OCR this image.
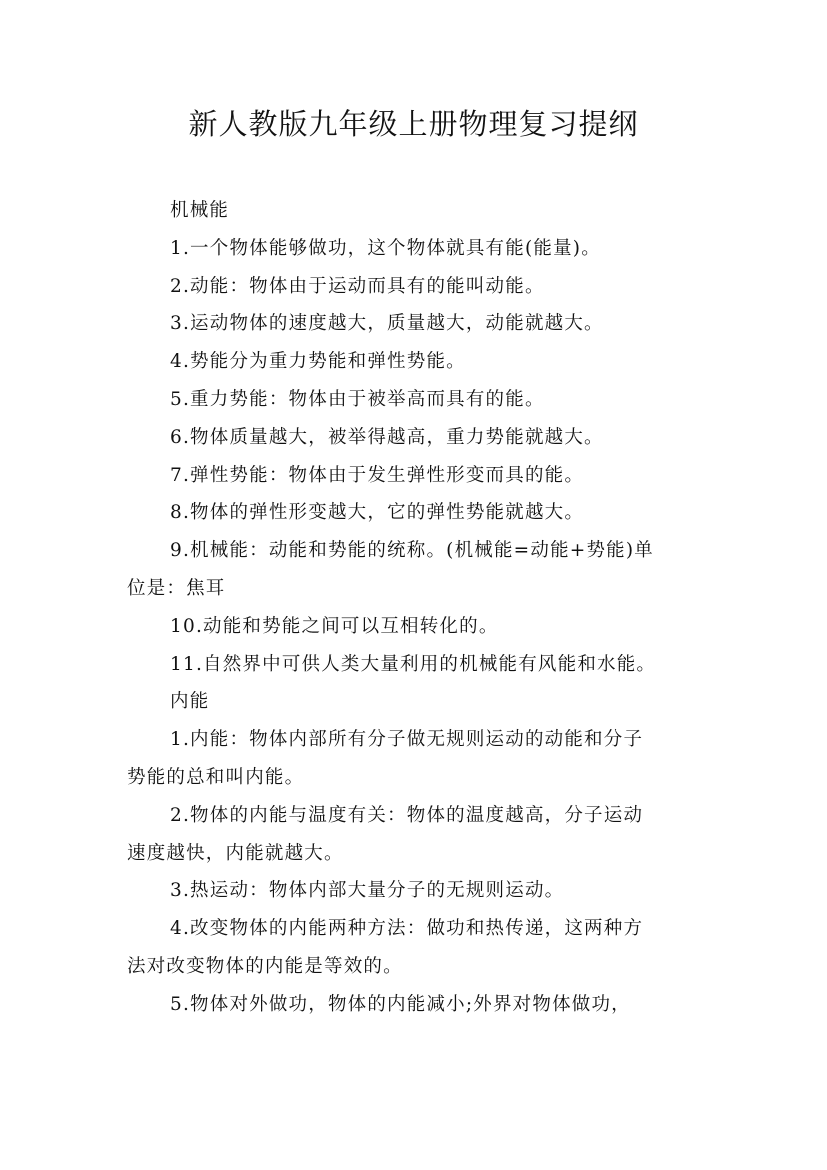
新人教版九年级上册物理复习提纲

机械能

1.一个物体能够做功，这个物体就具有能(能量)。

2.动能：物体由于运动而具有的能叫动能。

3.运动物体的速度越大，质量越大，动能就越大。

4.势能分为重力势能和弹性势能。

5.重力势能：物体由于被举高而具有的能。

6.物体质量越大，被举得越高，重力势能就越大。

7.弹性势能：物体由于发生弹性形变而具的能。

8.物体的弹性形变越大，它的弹性势能就越大。

9.机械能：动能和势能的统称。(机械能=动能+势能)单

位是：焦耳

10.动能和势能之间可以互相转化的。

11.自然界中可供人类大量利用的机械能有风能和水能。

内能

1.内能：物体内部所有分子做无规则运动的动能和分子

势能的总和叫内能。

2.物体的内能与温度有关：物体的温度越高，分子运动

速度越快，内能就越大。

3.热运动：物体内部大量分子的无规则运动。

4.改变物体的内能两种方法：做功和热传递，这两种方

法对改变物体的内能是等效的。

5.物体对外做功，物体的内能减小;外界对物体做功，
